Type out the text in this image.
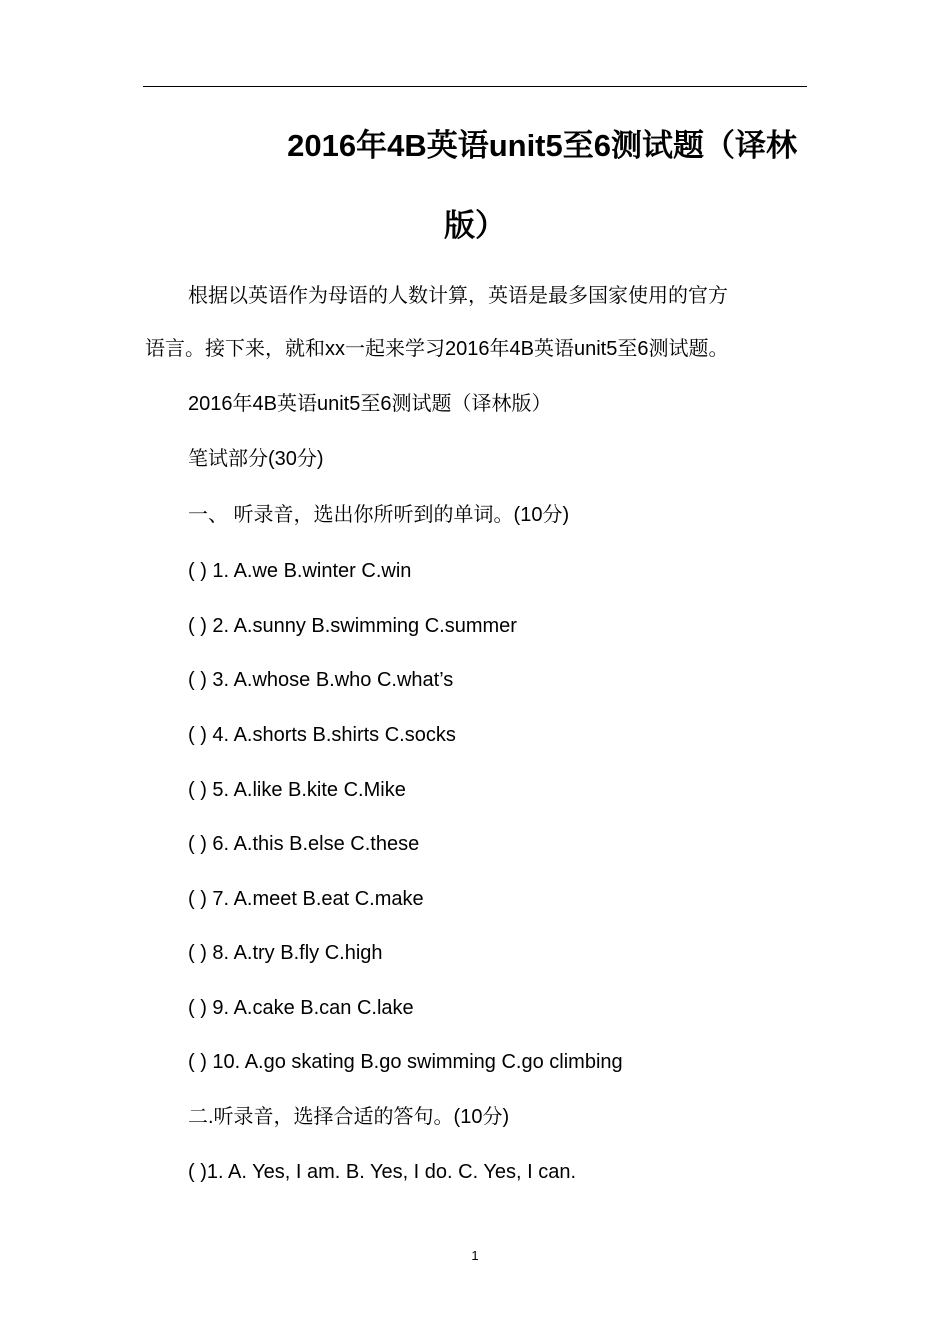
2016年4B英语unit5至6测试题（译林
版）
根据以英语作为母语的人数计算，英语是最多国家使用的官方
语言。接下来，就和xx一起来学习2016年4B英语unit5至6测试题。
2016年4B英语unit5至6测试题（译林版）
笔试部分(30分)
一、 听录音，选出你所听到的单词。(10分)
( ) 1. A.we B.winter C.win
( ) 2. A.sunny B.swimming C.summer
( ) 3. A.whose B.who C.what’s
( ) 4. A.shorts B.shirts C.socks
( ) 5. A.like B.kite C.Mike
( ) 6. A.this B.else C.these
( ) 7. A.meet B.eat C.make
( ) 8. A.try B.fly C.high
( ) 9. A.cake B.can C.lake
( ) 10. A.go skating B.go swimming C.go climbing
二.听录音，选择合适的答句。(10分)
( )1. A. Yes, I am. B. Yes, I do. C. Yes, I can.
1
